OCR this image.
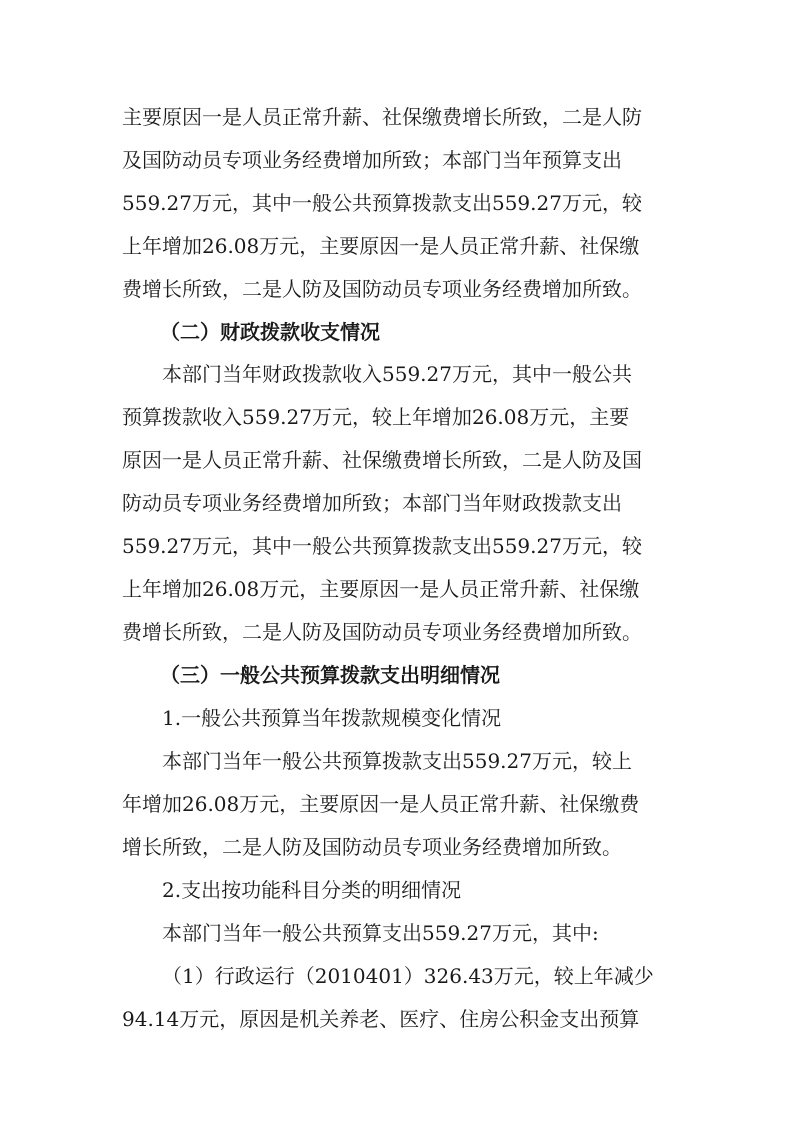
主要原因一是人员正常升薪、社保缴费增长所致，二是人防
及国防动员专项业务经费增加所致；本部门当年预算支出
559.27万元，其中一般公共预算拨款支出559.27万元，较
上年增加26.08万元，主要原因一是人员正常升薪、社保缴
费增长所致，二是人防及国防动员专项业务经费增加所致。
（二）财政拨款收支情况
本部门当年财政拨款收入559.27万元，其中一般公共
预算拨款收入559.27万元，较上年增加26.08万元，主要
原因一是人员正常升薪、社保缴费增长所致，二是人防及国
防动员专项业务经费增加所致；本部门当年财政拨款支出
559.27万元，其中一般公共预算拨款支出559.27万元，较
上年增加26.08万元，主要原因一是人员正常升薪、社保缴
费增长所致，二是人防及国防动员专项业务经费增加所致。
（三）一般公共预算拨款支出明细情况
1.一般公共预算当年拨款规模变化情况
本部门当年一般公共预算拨款支出559.27万元，较上
年增加26.08万元，主要原因一是人员正常升薪、社保缴费
增长所致，二是人防及国防动员专项业务经费增加所致。
2.支出按功能科目分类的明细情况
本部门当年一般公共预算支出559.27万元，其中:
（1）行政运行（2010401）326.43万元，较上年减少
94.14万元，原因是机关养老、医疗、住房公积金支出预算
